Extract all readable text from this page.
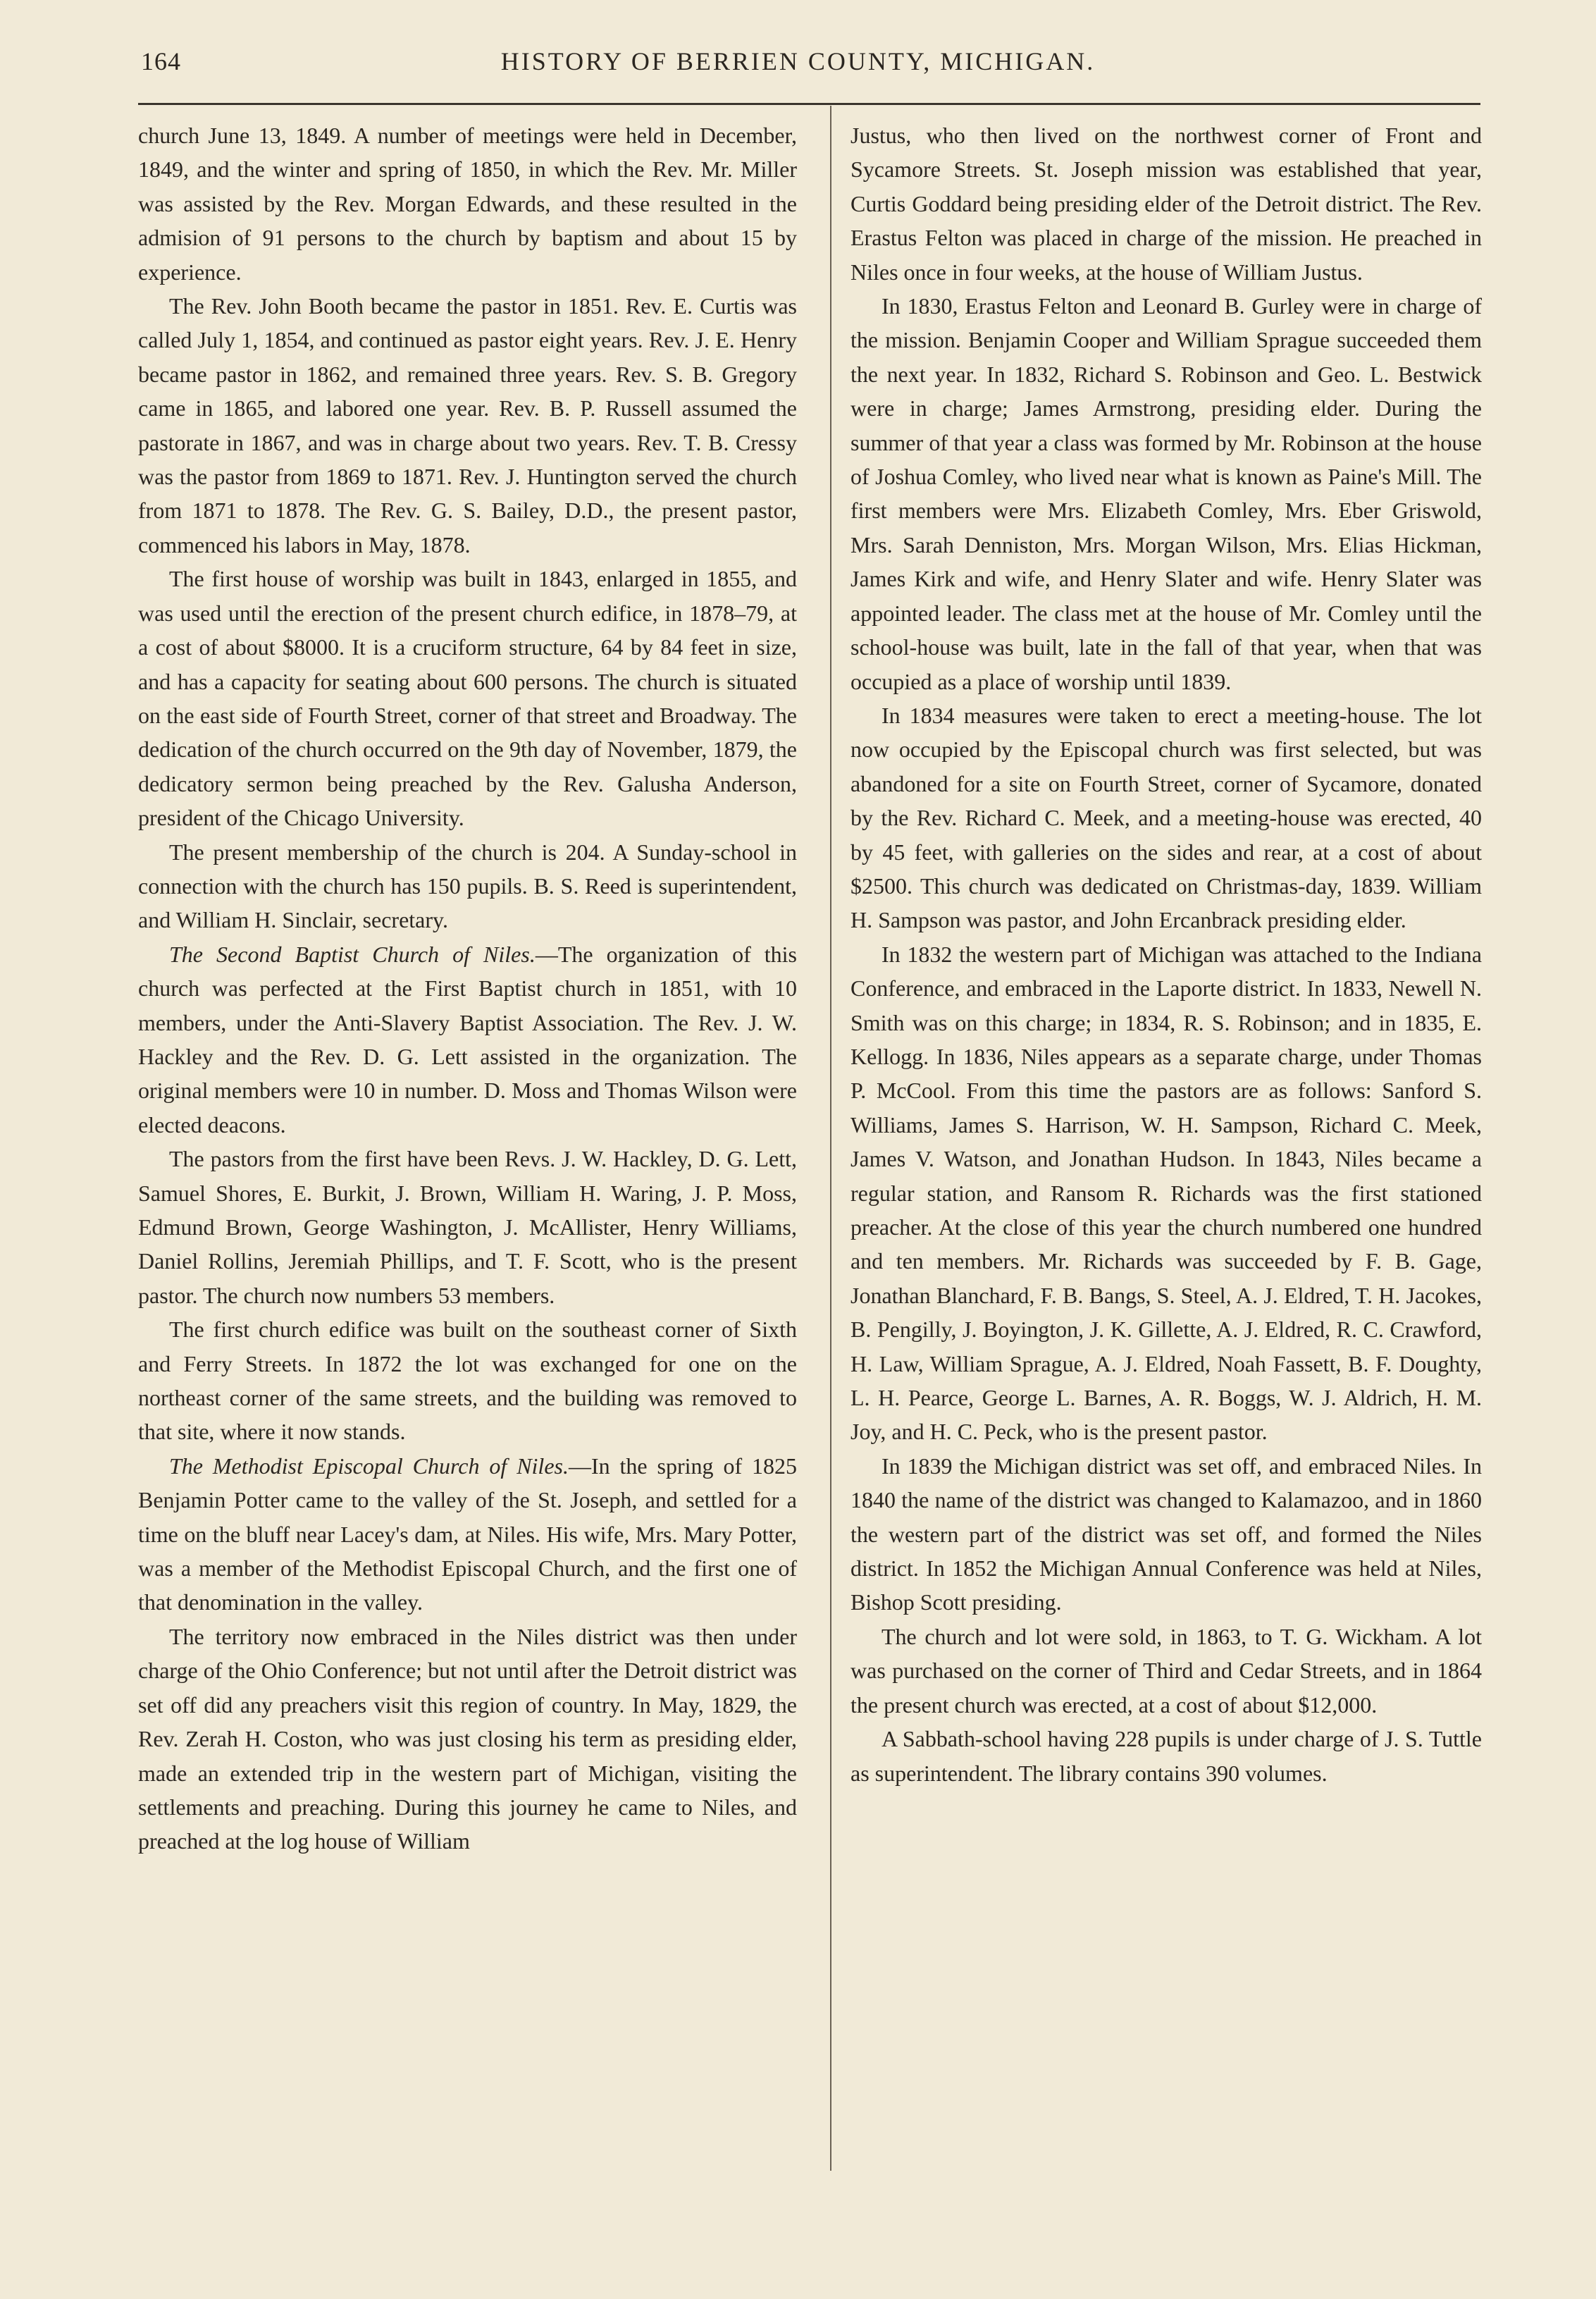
164	HISTORY OF BERRIEN COUNTY, MICHIGAN.

church June 13, 1849. A number of meetings were held in December, 1849, and the winter and spring of 1850, in which the Rev. Mr. Miller was assisted by the Rev. Morgan Edwards, and these resulted in the admision of 91 persons to the church by baptism and about 15 by experience.

The Rev. John Booth became the pastor in 1851. Rev. E. Curtis was called July 1, 1854, and continued as pastor eight years. Rev. J. E. Henry became pastor in 1862, and remained three years. Rev. S. B. Gregory came in 1865, and labored one year. Rev. B. P. Russell assumed the pastorate in 1867, and was in charge about two years. Rev. T. B. Cressy was the pastor from 1869 to 1871. Rev. J. Huntington served the church from 1871 to 1878. The Rev. G. S. Bailey, D.D., the present pastor, commenced his labors in May, 1878.

The first house of worship was built in 1843, enlarged in 1855, and was used until the erection of the present church edifice, in 1878–79, at a cost of about $8000. It is a cruciform structure, 64 by 84 feet in size, and has a capacity for seating about 600 persons. The church is situated on the east side of Fourth Street, corner of that street and Broadway. The dedication of the church occurred on the 9th day of November, 1879, the dedicatory sermon being preached by the Rev. Galusha Anderson, president of the Chicago University.

The present membership of the church is 204. A Sunday-school in connection with the church has 150 pupils. B. S. Reed is superintendent, and William H. Sinclair, secretary.

The Second Baptist Church of Niles.—The organization of this church was perfected at the First Baptist church in 1851, with 10 members, under the Anti-Slavery Baptist Association. The Rev. J. W. Hackley and the Rev. D. G. Lett assisted in the organization. The original members were 10 in number. D. Moss and Thomas Wilson were elected deacons.

The pastors from the first have been Revs. J. W. Hackley, D. G. Lett, Samuel Shores, E. Burkit, J. Brown, William H. Waring, J. P. Moss, Edmund Brown, George Washington, J. McAllister, Henry Williams, Daniel Rollins, Jeremiah Phillips, and T. F. Scott, who is the present pastor. The church now numbers 53 members.

The first church edifice was built on the southeast corner of Sixth and Ferry Streets. In 1872 the lot was exchanged for one on the northeast corner of the same streets, and the building was removed to that site, where it now stands.

The Methodist Episcopal Church of Niles.—In the spring of 1825 Benjamin Potter came to the valley of the St. Joseph, and settled for a time on the bluff near Lacey's dam, at Niles. His wife, Mrs. Mary Potter, was a member of the Methodist Episcopal Church, and the first one of that denomination in the valley.

The territory now embraced in the Niles district was then under charge of the Ohio Conference; but not until after the Detroit district was set off did any preachers visit this region of country. In May, 1829, the Rev. Zerah H. Coston, who was just closing his term as presiding elder, made an extended trip in the western part of Michigan, visiting the settlements and preaching. During this journey he came to Niles, and preached at the log house of William

Justus, who then lived on the northwest corner of Front and Sycamore Streets. St. Joseph mission was established that year, Curtis Goddard being presiding elder of the Detroit district. The Rev. Erastus Felton was placed in charge of the mission. He preached in Niles once in four weeks, at the house of William Justus.

In 1830, Erastus Felton and Leonard B. Gurley were in charge of the mission. Benjamin Cooper and William Sprague succeeded them the next year. In 1832, Richard S. Robinson and Geo. L. Bestwick were in charge; James Armstrong, presiding elder. During the summer of that year a class was formed by Mr. Robinson at the house of Joshua Comley, who lived near what is known as Paine's Mill. The first members were Mrs. Elizabeth Comley, Mrs. Eber Griswold, Mrs. Sarah Denniston, Mrs. Morgan Wilson, Mrs. Elias Hickman, James Kirk and wife, and Henry Slater and wife. Henry Slater was appointed leader. The class met at the house of Mr. Comley until the school-house was built, late in the fall of that year, when that was occupied as a place of worship until 1839.

In 1834 measures were taken to erect a meeting-house. The lot now occupied by the Episcopal church was first selected, but was abandoned for a site on Fourth Street, corner of Sycamore, donated by the Rev. Richard C. Meek, and a meeting-house was erected, 40 by 45 feet, with galleries on the sides and rear, at a cost of about $2500. This church was dedicated on Christmas-day, 1839. William H. Sampson was pastor, and John Ercanbrack presiding elder.

In 1832 the western part of Michigan was attached to the Indiana Conference, and embraced in the Laporte district. In 1833, Newell N. Smith was on this charge; in 1834, R. S. Robinson; and in 1835, E. Kellogg. In 1836, Niles appears as a separate charge, under Thomas P. McCool. From this time the pastors are as follows: Sanford S. Williams, James S. Harrison, W. H. Sampson, Richard C. Meek, James V. Watson, and Jonathan Hudson. In 1843, Niles became a regular station, and Ransom R. Richards was the first stationed preacher. At the close of this year the church numbered one hundred and ten members. Mr. Richards was succeeded by F. B. Gage, Jonathan Blanchard, F. B. Bangs, S. Steel, A. J. Eldred, T. H. Jacokes, B. Pengilly, J. Boyington, J. K. Gillette, A. J. Eldred, R. C. Crawford, H. Law, William Sprague, A. J. Eldred, Noah Fassett, B. F. Doughty, L. H. Pearce, George L. Barnes, A. R. Boggs, W. J. Aldrich, H. M. Joy, and H. C. Peck, who is the present pastor.

In 1839 the Michigan district was set off, and embraced Niles. In 1840 the name of the district was changed to Kalamazoo, and in 1860 the western part of the district was set off, and formed the Niles district. In 1852 the Michigan Annual Conference was held at Niles, Bishop Scott presiding.

The church and lot were sold, in 1863, to T. G. Wickham. A lot was purchased on the corner of Third and Cedar Streets, and in 1864 the present church was erected, at a cost of about $12,000.

A Sabbath-school having 228 pupils is under charge of J. S. Tuttle as superintendent. The library contains 390 volumes.
